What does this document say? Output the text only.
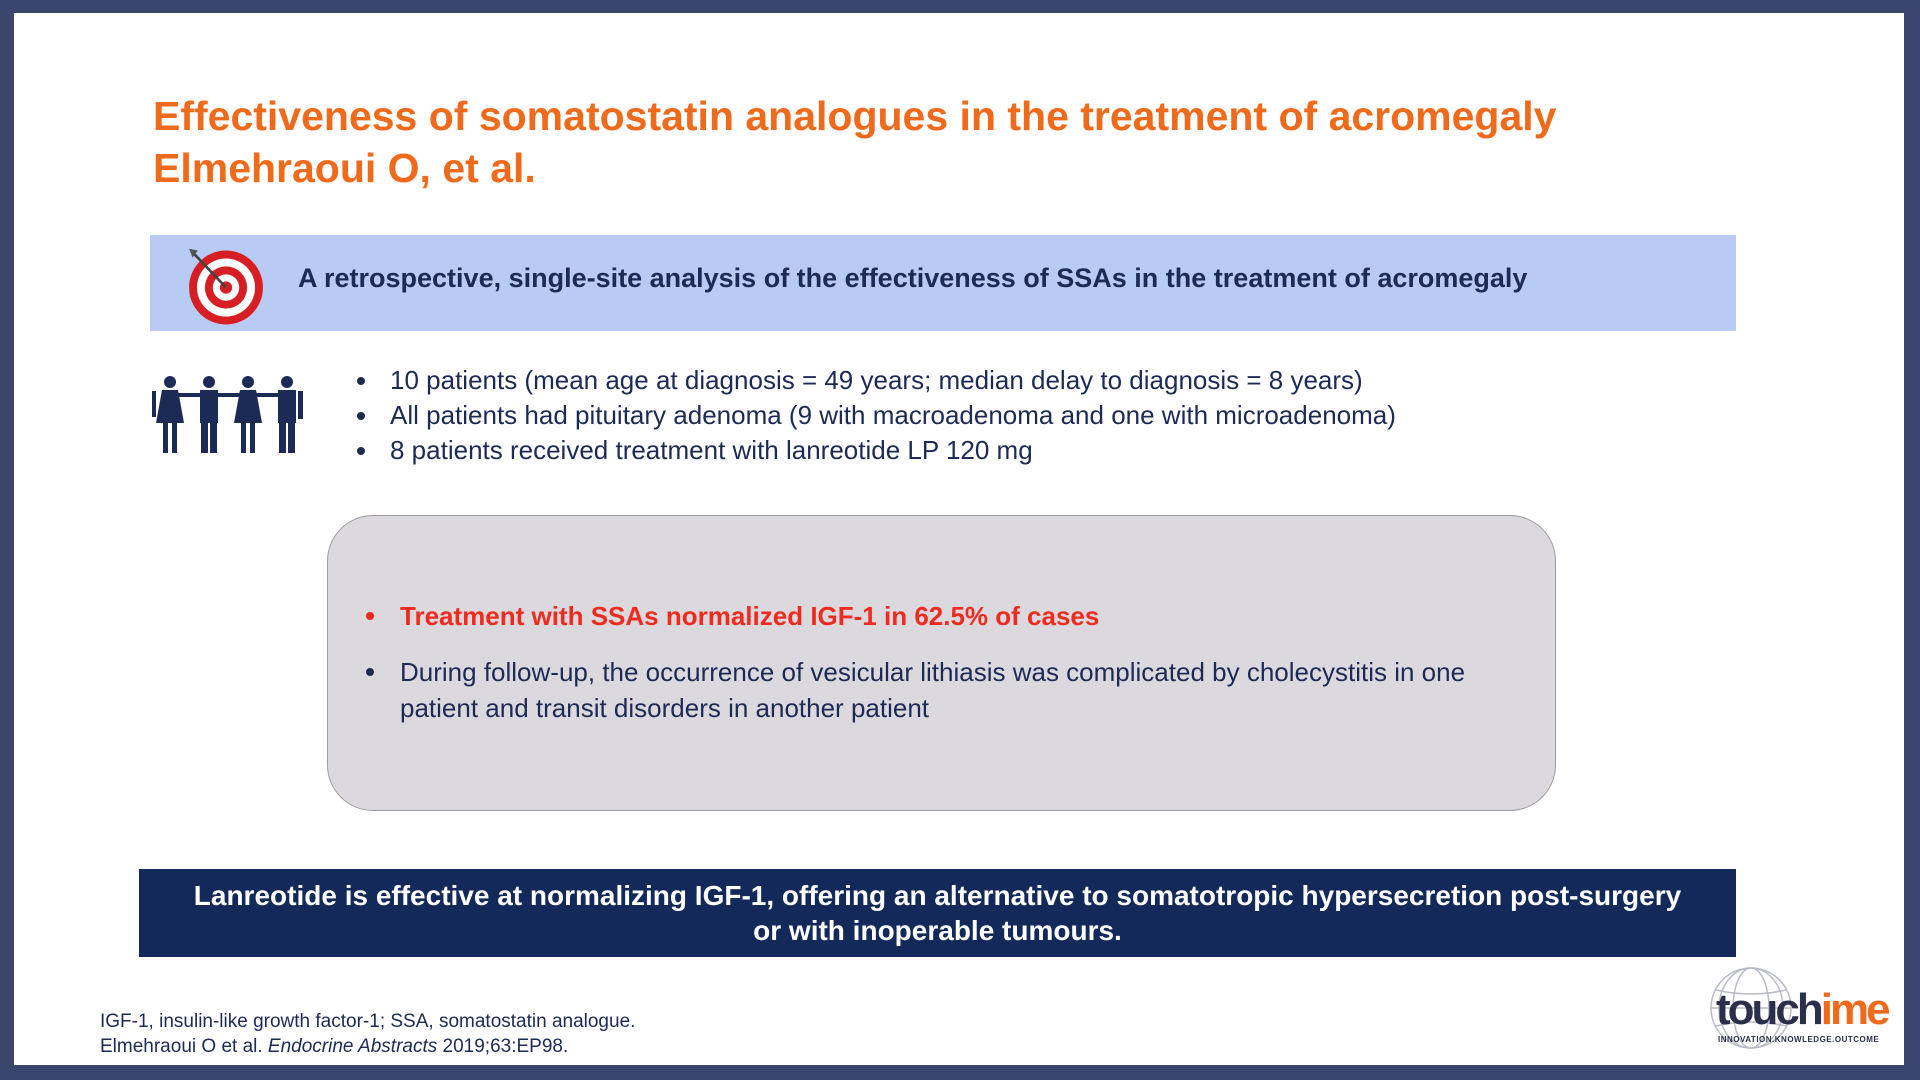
Effectiveness of somatostatin analogues in the treatment of acromegaly
Elmehraoui O, et al.
A retrospective, single-site analysis of the effectiveness of SSAs in the treatment of acromegaly
10 patients (mean age at diagnosis = 49 years; median delay to diagnosis = 8 years)
All patients had pituitary adenoma (9 with macroadenoma and one with microadenoma)
8 patients received treatment with lanreotide LP 120 mg
Treatment with SSAs normalized IGF-1 in 62.5% of cases
During follow-up, the occurrence of vesicular lithiasis was complicated by cholecystitis in one patient and transit disorders in another patient
Lanreotide is effective at normalizing IGF-1, offering an alternative to somatotropic hypersecretion post-surgery
or with inoperable tumours.
IGF-1, insulin-like growth factor-1; SSA, somatostatin analogue.
Elmehraoui O et al. Endocrine Abstracts 2019;63:EP98.
touchime
INNOVATION.KNOWLEDGE.OUTCOME
